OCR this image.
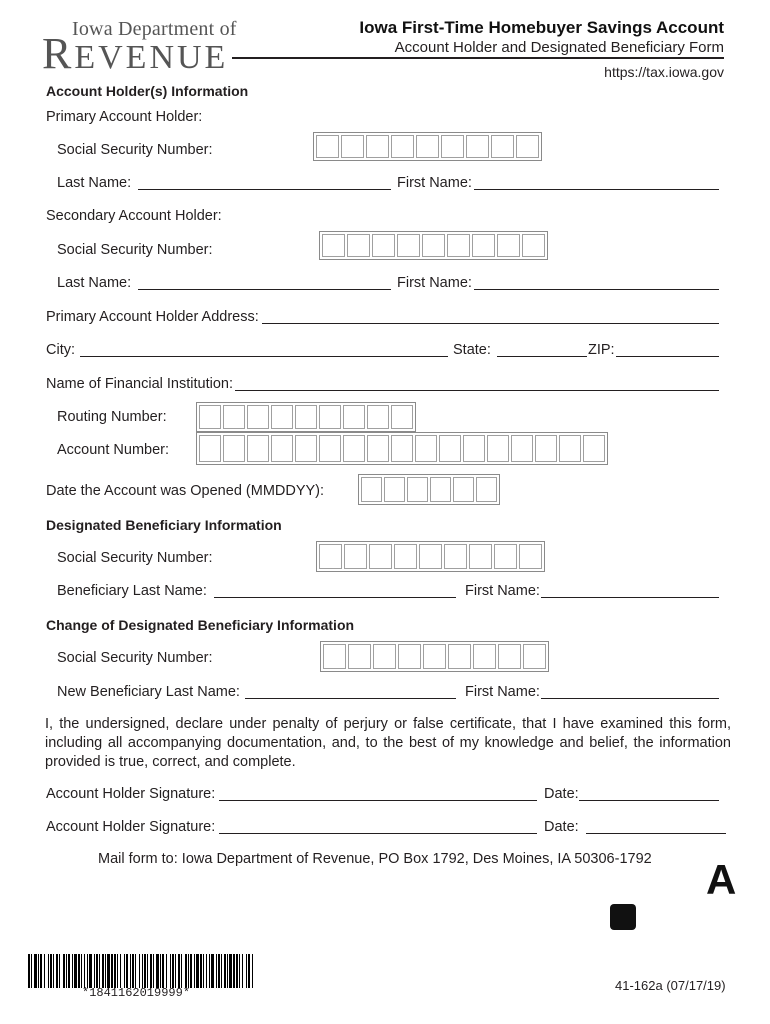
Iowa Department of
REVENUE
Iowa First-Time Homebuyer Savings Account
Account Holder and Designated Beneficiary Form
https://tax.iowa.gov
Account Holder(s) Information
Primary Account Holder:
Social Security Number:
Last Name:	First Name:
Secondary Account Holder:
Social Security Number:
Last Name:	First Name:
Primary Account Holder Address:
City:	State:	ZIP:
Name of Financial Institution:
Routing Number:
Account Number:
Date the Account was Opened (MMDDYY):
Designated Beneficiary Information
Social Security Number:
Beneficiary Last Name:	First Name:
Change of Designated Beneficiary Information
Social Security Number:
New Beneficiary Last Name:	First Name:
I, the undersigned, declare under penalty of perjury or false certificate, that I have examined this form, including all accompanying documentation, and, to the best of my knowledge and belief, the information provided is true, correct, and complete.
Account Holder Signature:	Date:
Account Holder Signature:	Date:
Mail form to: Iowa Department of Revenue, PO Box 1792, Des Moines, IA 50306-1792 A
*1841162019999*	41-162a (07/17/19)
